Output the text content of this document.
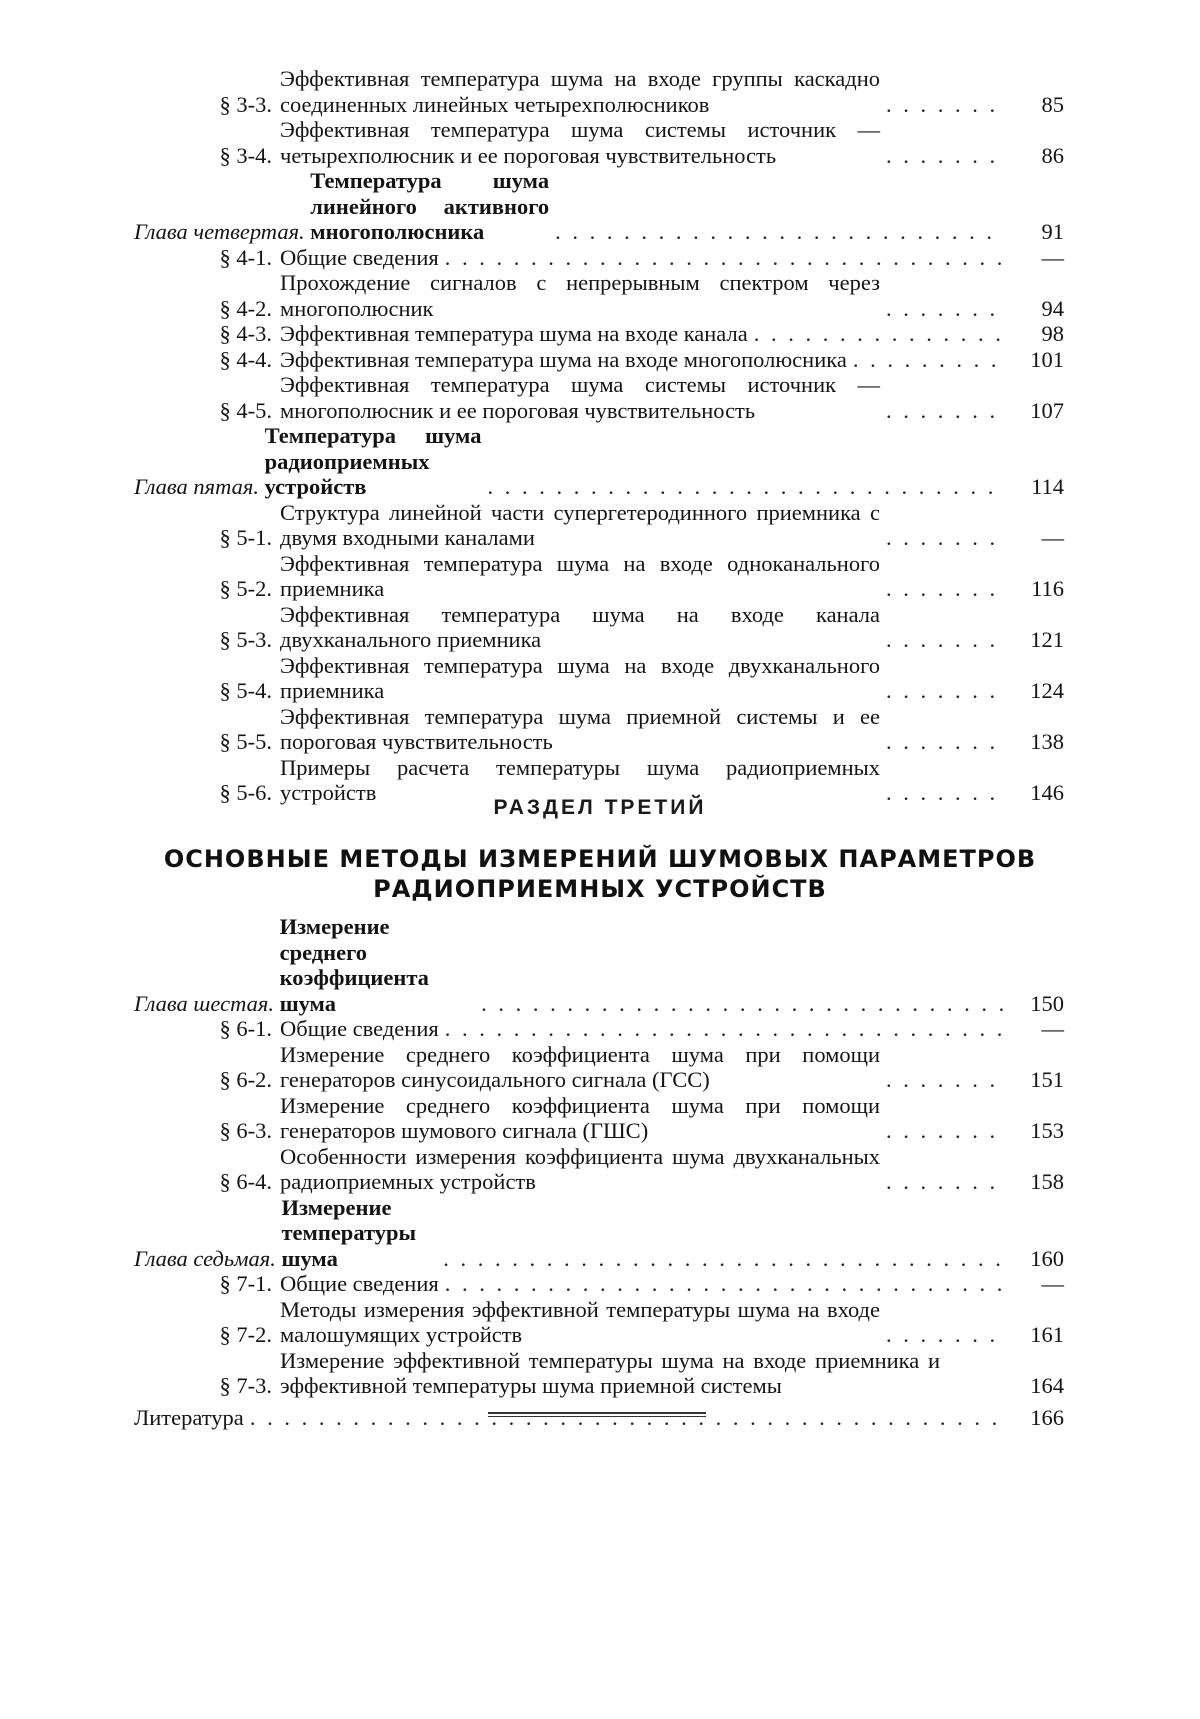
§ 3-3.
Эффективная температура шума на входе группы каскадно соединенных линейных четырехполюсников . . .	85
§ 3-4.
Эффективная температура шума системы источник —четырехполюсник и ее пороговая чувствительность . . .	86
Глава четвертая.

Температура шума линейного активного многополюсника . . .	91
§ 4-1. Общие сведения . . .	—
§ 4-2.
Прохождение сигналов с непрерывным спектром через многополюсник . . .	94
§ 4-3. Эффективная температура шума на входе канала . . .	98
§ 4-4. Эффективная температура шума на входе многополюсника . . .	101
§ 4-5.
Эффективная температура шума системы источник — многополюсник и ее пороговая чувствительность . . .	107
Глава пятая.

Температура шума радиоприемных устройств . . .	114
§ 5-1.
Структура линейной части супергетеродинного приемника с двумя входными каналами . . .	—
§ 5-2.
Эффективная температура шума на входе одноканального приемника . . .	116
§ 5-3.
Эффективная температура шума на входе канала двухканального приемника . . .	121
§ 5-4.
Эффективная температура шума на входе двухканального приемника . . .	124
§ 5-5.
Эффективная температура шума приемной системы и ее пороговая чувствительность . . .	138
§ 5-6.
Примеры расчета температуры шума радиоприемных устройств . . .	146
РАЗДЕЛ ТРЕТИЙ
ОСНОВНЫЕ МЕТОДЫ ИЗМЕРЕНИЙ ШУМОВЫХ ПАРАМЕТРОВ
РАДИОПРИЕМНЫХ УСТРОЙСТВ
Глава шестая.

Измерение среднего коэффициента шума . . .	150
§ 6-1. Общие сведения . . .	—
§ 6-2.
Измерение среднего коэффициента шума при помощи генераторов синусоидального сигнала (ГСС) . . .	151
§ 6-3.
Измерение среднего коэффициента шума при помощи генераторов шумового сигнала (ГШС) . . .	153
§ 6-4.
Особенности измерения коэффициента шума двухканальных радиоприемных устройств . . .	158
Глава седьмая.

Измерение температуры шума . . .	160
§ 7-1. Общие сведения . . .	—
§ 7-2.
Методы измерения эффективной температуры шума на входе малошумящих устройств . . .	161
§ 7-3.
Измерение эффективной температуры шума на входе приемника и эффективной температуры шума приемной системы	164
Литература . . .	166
